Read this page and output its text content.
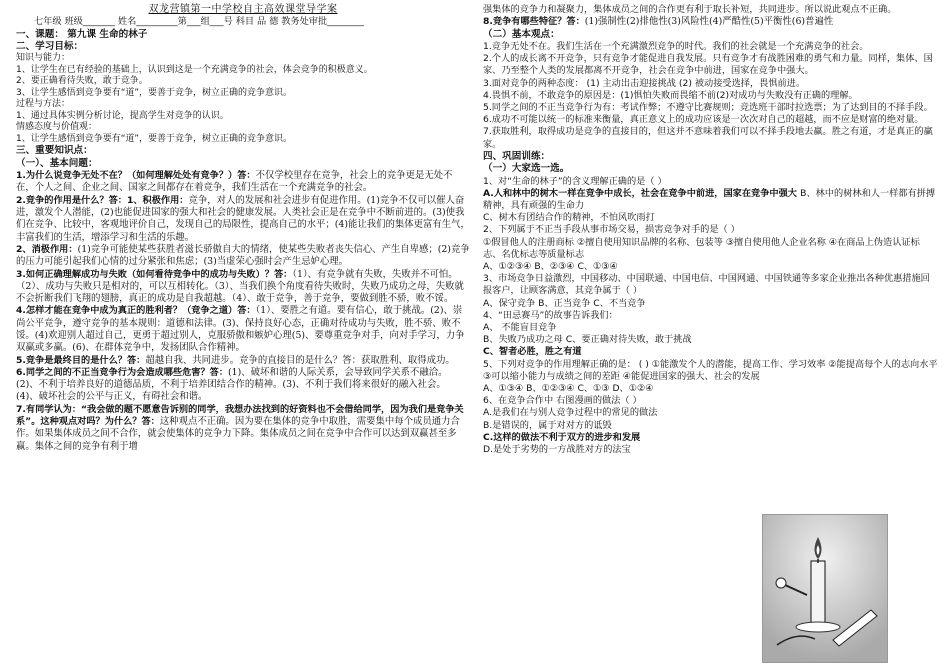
双龙营镇第一中学校自主高效课堂导学案

七年级 班级_______ 姓名_________第___组___号 科目 品 德 教务处审批________

一、课题： 第九课 生命的林子

二、学习目标：

知识与能力：

1、让学生在已有经验的基础上，认识到这是一个充满竞争的社会，体会竞争的积极意义。

2、要正确看待失败，敢于竞争。

3、让学生感悟到竞争要有“道”，要善于竞争，树立正确的竞争意识。

过程与方法：

1、通过具体实例分析讨论，提高学生对竞争的认识。

情感态度与价值观：

1、让学生感悟到竞争要有“道”，要善于竞争，树立正确的竞争意识。

三、重要知识点：

（一）、基本问题：

1.为什么说竞争无处不在？（如何理解处处有竞争？）答：不仅学校里存在竞争，社会上的竞争更是无处不在，个人之间、企业之间、国家之间都存在着竞争，我们生活在一个充满竞争的社会。

2.竞争的作用是什么？答：1、积极作用：竞争，对人的发展和社会进步有促进作用。(1)竞争不仅可以催人奋进，激发个人潜能，(2)也能促进国家的强大和社会的健康发展。人类社会正是在竞争中不断前进的。(3)使我们在竞争、比较中，客观地评价自己，发现自己的局限性，提高自己的水平；(4)能让我们的集体更富有生气，丰富我们的生活，增添学习和生活的乐趣。

2、消极作用：(1)竞争可能使某些获胜者滋长骄傲自大的情绪，使某些失败者丧失信心、产生自卑感；(2)竞争的压力可能引起我们心情的过分紧张和焦虑；(3)当虚荣心强时会产生忌妒心理。

3.如何正确理解成功与失败（如何看待竞争中的成功与失败）？答：（1）、有竞争就有失败，失败并不可怕。（2）、成功与失败只是相对的，可以互相转化。（3）、当我们换个角度看待失败时，失败乃成功之母，失败就不会折断我们飞翔的翅膀，真正的成功是自我超越。（4）、敢于竞争，善于竞争，要做到胜不骄，败不馁。

4.怎样才能在竞争中成为真正的胜利者？（竞争之道）答：（1）、要胜之有道。要有信心，敢于挑战。(2)、崇尚公平竞争，遵守竞争的基本规则：道德和法律。(3)、保持良好心态，正确对待成功与失败，胜不骄、败不馁。(4)欢迎别人超过自己，更勇于超过别人，克服骄傲和嫉妒心理(5)、要尊重竞争对手，向对手学习，力争双赢或多赢。(6)、在群体竞争中，发扬团队合作精神。

5.竞争是最终目的是什么？答：超越自我、共同进步。竞争的直接目的是什么？答：获取胜利、取得成功。

6.同学之间的不正当竞争行为会造成哪些危害？答：(1)、破坏和谐的人际关系，会导致同学关系不融洽。(2)、不利于培养良好的道德品质，不利于培养团结合作的精神。(3)、不利于我们将来很好的融入社会。 (4)、破坏社会的公平与正义，有碍社会和谐。

7.有同学认为：“我会做的题不愿意告诉别的同学，我想办法找到的好资料也不会借给同学，因为我们是竞争关系”。这种观点对吗？为什么？答：这种观点不正确。因为要在集体的竞争中取胜，需要集中每个成员通力合作。如果集体成员之间不合作，就会使集体的竞争力下降。集体成员之间在竞争中合作可以达到双赢甚至多赢。集体之间的竞争有利于增

强集体的竞争力和凝聚力，集体成员之间的合作更有利于取长补短，共同进步。所以说此观点不正确。

8.竞争有哪些特征？答：(1)强制性(2)排他性(3)风险性(4)严酷性(5)平衡性(6)普遍性

（二）基本观点：

1.竞争无处不在。我们生活在一个充满激烈竞争的时代。我们的社会就是一个充满竞争的社会。

2.个人的成长离不开竞争，只有竞争才能促进自我发展。只有竞争才有战胜困难的勇气和力量。同样，集体、国家、乃至整个人类的发展都离不开竞争，社会在竞争中前进，国家在竞争中强大。

3.面对竞争的两种态度： (1) 主动出击迎接挑战 (2) 被动接受选择，畏惧前进。

4.畏惧不前，不敢竞争的原因是：(1)惧怕失败而畏缩不前(2)对成功与失败没有正确的理解。

5.同学之间的不正当竞争行为有：考试作弊；不遵守比赛规则；竞选班干部时拉选票；为了达到目的不择手段。

6.成功不可能以统一的标准来衡量，真正意义上的成功应该是一次次对自己的超越，而不应是财富的绝对量。

7.获取胜利，取得成功是竞争的直接目的，但这并不意味着我们可以不择手段地去赢。胜之有道，才是真正的赢家。

四、巩固训练：

（一）大家选一选。

1、对“生命的林子”的含义理解正确的是（ ）

A.人和林中的树木一样在竞争中成长，社会在竞争中前进，国家在竞争中强大 B、林中的树林和人一样都有拼搏精神，具有顽强的生命力

C、树木有团结合作的精神，不怕风吹雨打

2、下列属于不正当手段从事市场交易，损害竞争对手的是（ ）

①假冒他人的注册商标 ②擅自使用知识品牌的名称、包装等 ③擅自使用他人企业名称 ④在商品上伪造认证标志、名优标志等质量标志

A、①②③④ B、②③④ C、①③④

3、市场竞争日益激烈，中国移动、中国联通、中国电信、中国网通、中国铁通等多家企业推出各种优惠措施回报客户，让顾客满意，其竞争属于（ ）

A、保守竞争 B、正当竞争 C、不当竞争

4、“田忌赛马”的故事告诉我们：

A、 不能盲目竞争

B、失败乃成功之母 C、要正确对待失败，敢于挑战

C、智者必胜，胜之有道

5、下列对竞争的作用理解正确的是： ( ) ①能激发个人的潜能，提高工作、学习效率 ②能提高每个人的志向水平 ③可以缩小能力与成绩之间的差距 ④能促进国家的强大、社会的发展

A、①③④ B、①②③④ C、①③ D、①②④

6、在竞争合作中 右图漫画的做法（ ）

A.是我们在与别人竞争过程中的常见的做法

B.是错误的，属于对对方的诋毁

C.这样的做法不利于双方的进步和发展

D.是处于劣势的一方战胜对方的法宝
